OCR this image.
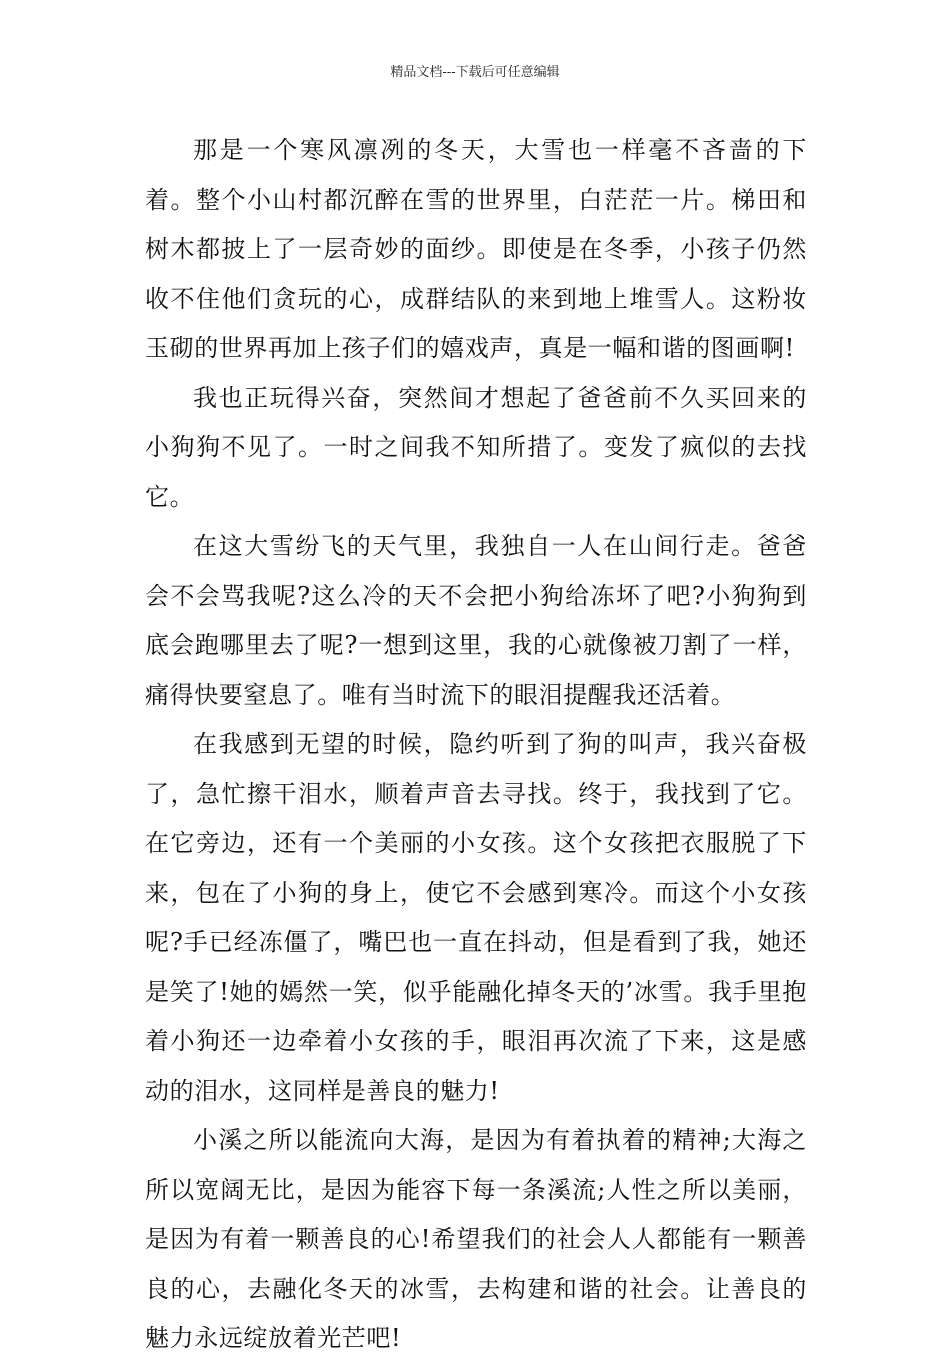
精品文档---下载后可任意编辑

那是一个寒风凛冽的冬天，大雪也一样毫不吝啬的下着。整个小山村都沉醉在雪的世界里，白茫茫一片。梯田和树木都披上了一层奇妙的面纱。即使是在冬季，小孩子仍然收不住他们贪玩的心，成群结队的来到地上堆雪人。这粉妆玉砌的世界再加上孩子们的嬉戏声，真是一幅和谐的图画啊!

我也正玩得兴奋，突然间才想起了爸爸前不久买回来的小狗狗不见了。一时之间我不知所措了。变发了疯似的去找它。

在这大雪纷飞的天气里，我独自一人在山间行走。爸爸会不会骂我呢?这么冷的天不会把小狗给冻坏了吧?小狗狗到底会跑哪里去了呢?一想到这里，我的心就像被刀割了一样，痛得快要窒息了。唯有当时流下的眼泪提醒我还活着。

在我感到无望的时候，隐约听到了狗的叫声，我兴奋极了，急忙擦干泪水，顺着声音去寻找。终于，我找到了它。在它旁边，还有一个美丽的小女孩。这个女孩把衣服脱了下来，包在了小狗的身上，使它不会感到寒冷。而这个小女孩呢?手已经冻僵了，嘴巴也一直在抖动，但是看到了我，她还是笑了!她的嫣然一笑，似乎能融化掉冬天的’冰雪。我手里抱着小狗还一边牵着小女孩的手，眼泪再次流了下来，这是感动的泪水，这同样是善良的魅力!

小溪之所以能流向大海，是因为有着执着的精神;大海之所以宽阔无比，是因为能容下每一条溪流;人性之所以美丽，是因为有着一颗善良的心!希望我们的社会人人都能有一颗善良的心，去融化冬天的冰雪，去构建和谐的社会。让善良的魅力永远绽放着光芒吧!
